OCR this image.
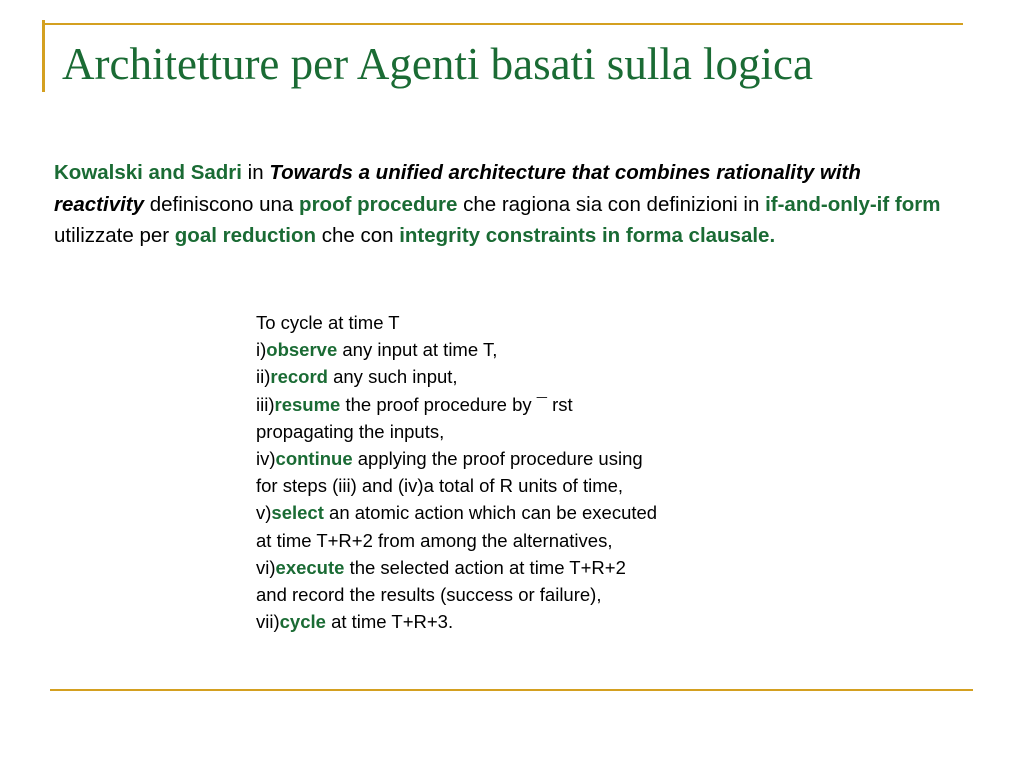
Architetture per Agenti basati sulla logica

Kowalski and Sadri in Towards a unified architecture that combines rationality with reactivity definiscono una proof procedure che ragiona sia con definizioni in if-and-only-if form utilizzate per goal reduction che con integrity constraints in forma clausale.

To cycle at time T
i)observe any input at time T,
ii)record any such input,
iii)resume the proof procedure by ¯ rst
propagating the inputs,
iv)continue applying the proof procedure using
for steps (iii) and (iv)a total of R units of time,
v)select an atomic action which can be executed
at time T+R+2 from among the alternatives,
vi)execute the selected action at time T+R+2
and record the results (success or failure),
vii)cycle at time T+R+3.
